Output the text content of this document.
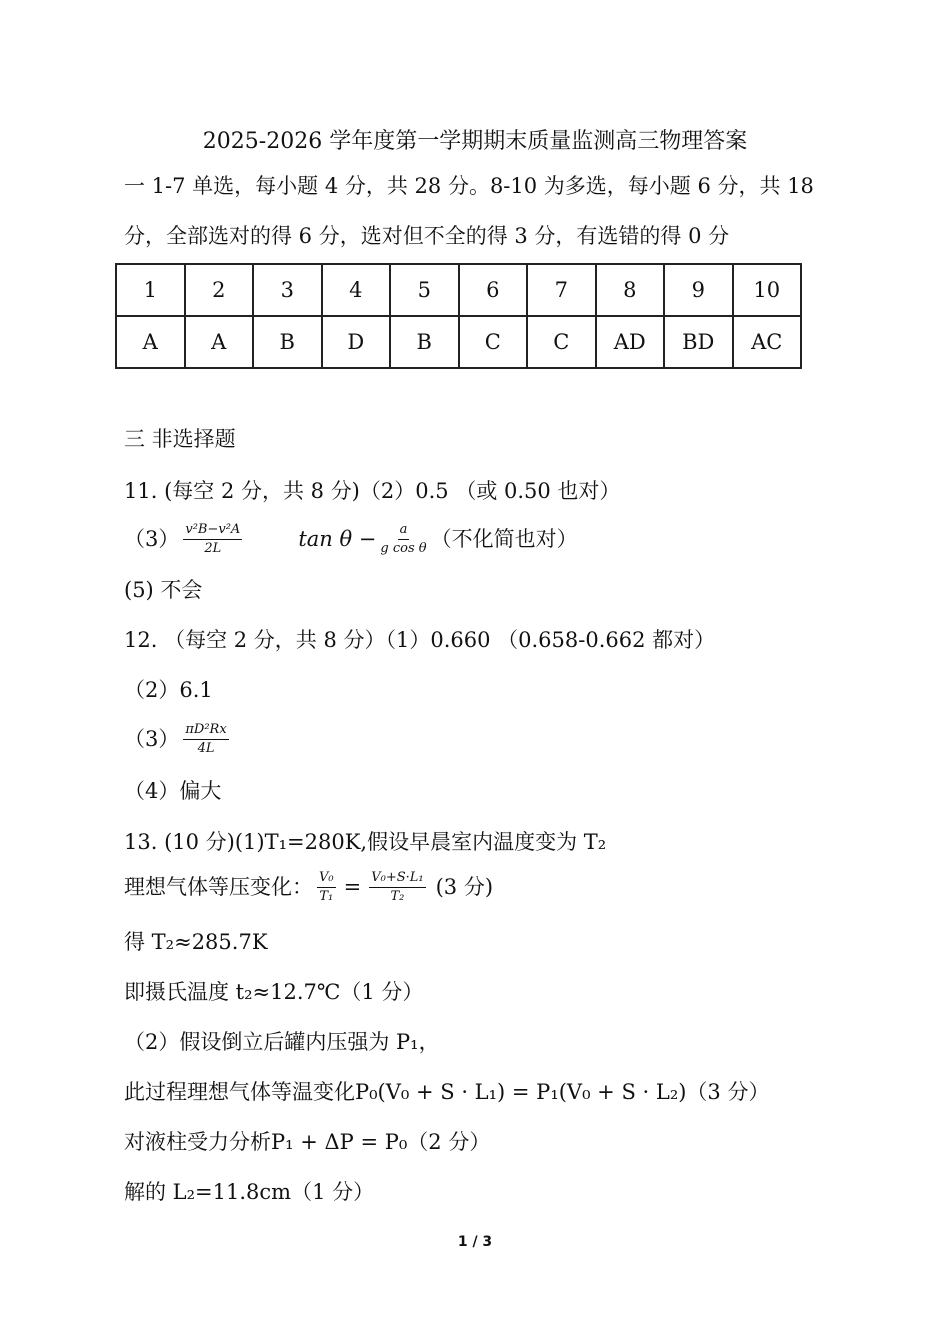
2025-2026 学年度第一学期期末质量监测高三物理答案
一 1-7 单选，每小题 4 分，共 28 分。8-10 为多选，每小题 6 分，共 18
分，全部选对的得 6 分，选对但不全的得 3 分，有选错的得 0 分
1	2	3	4	5	6	7	8	9	10
A	A	B	D	B	C	C	AD	BD	AC
三 非选择题
11. (每空 2 分，共 8 分)（2）0.5 （或 0.50 也对）
$(3) \frac{\text{v²B−v²A}}{2L}$	$\tan \theta - \frac{a}{\text{g cos θ}}$ （不化简也对）
(5) 不会
12. （每空 2 分，共 8 分）（1）0.660 （0.658-0.662 都对）
（2）6.1
$(3) \frac{\text{πD²Rx}}{4L}$
（4）偏大
13. (10 分)(1)T₁=280K,假设早晨室内温度变为 T₂
理想气体等压变化： $\frac{\text{V₀}}{\text{T₁}} = \frac{\text{V₀+S·L₁}}{\text{T₂}} (3$ 分)
得 T₂≈285.7K
即摄氏温度 t₂≈12.7℃（1 分）
（2）假设倒立后罐内压强为 P₁，
此过程理想气体等温变化P₀(V₀ + S · L₁) = P₁(V₀ + S · L₂)（3 分）
对液柱受力分析P₁ + ΔP = P₀（2 分）
解的 L₂=11.8cm（1 分）
1 / 3
